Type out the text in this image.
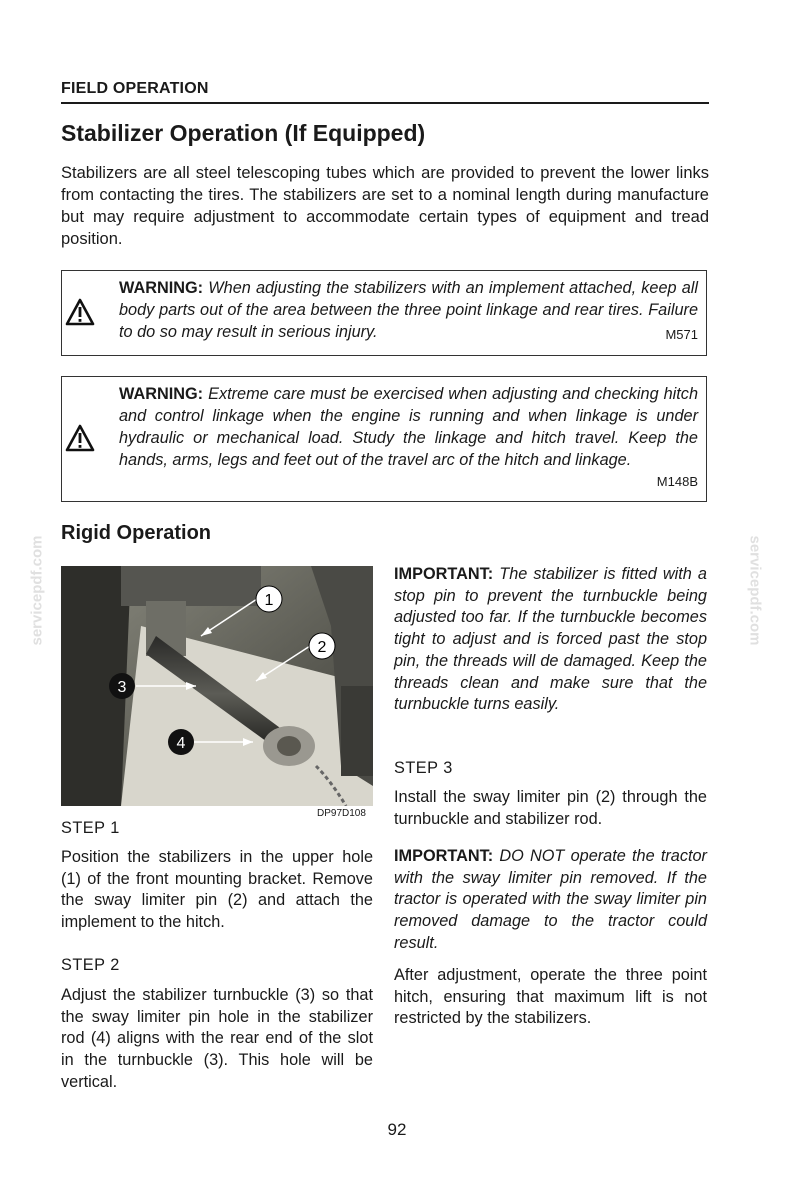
FIELD OPERATION
Stabilizer Operation (If Equipped)

Stabilizers are all steel telescoping tubes which are provided to prevent the lower links from contacting the tires. The stabilizers are set to a nominal length during manufacture but may require adjustment to accommodate certain types of equipment and tread position.

WARNING: When adjusting the stabilizers with an implement attached, keep all body parts out of the area between the three point linkage and rear tires. Failure to do so may result in serious injury.	M571
WARNING: Extreme care must be exercised when adjusting and checking hitch and control linkage when the engine is running and when linkage is under hydraulic or mechanical load. Study the linkage and hitch travel. Keep the hands, arms, legs and feet out of the travel arc of the hitch and linkage.
M148B
Rigid Operation
1
2
3
4
DP97D108
servicepdf.com	servicepdf.com
STEP 1

Position the stabilizers in the upper hole (1) of the front mounting bracket. Remove the sway limiter pin (2) and attach the implement to the hitch.

STEP 2

Adjust the stabilizer turnbuckle (3) so that the sway limiter pin hole in the stabilizer rod (4) aligns with the rear end of the slot in the turnbuckle (3). This hole will be vertical.

IMPORTANT: The stabilizer is fitted with a stop pin to prevent the turnbuckle being adjusted too far. If the turnbuckle becomes tight to adjust and is forced past the stop pin, the threads will de damaged. Keep the threads clean and make sure that the turnbuckle turns easily.

STEP 3

Install the sway limiter pin (2) through the turnbuckle and stabilizer rod.

IMPORTANT: DO NOT operate the tractor with the sway limiter pin removed. If the tractor is operated with the sway limiter pin removed damage to the tractor could result.

After adjustment, operate the three point hitch, ensuring that maximum lift is not restricted by the stabilizers.

92
